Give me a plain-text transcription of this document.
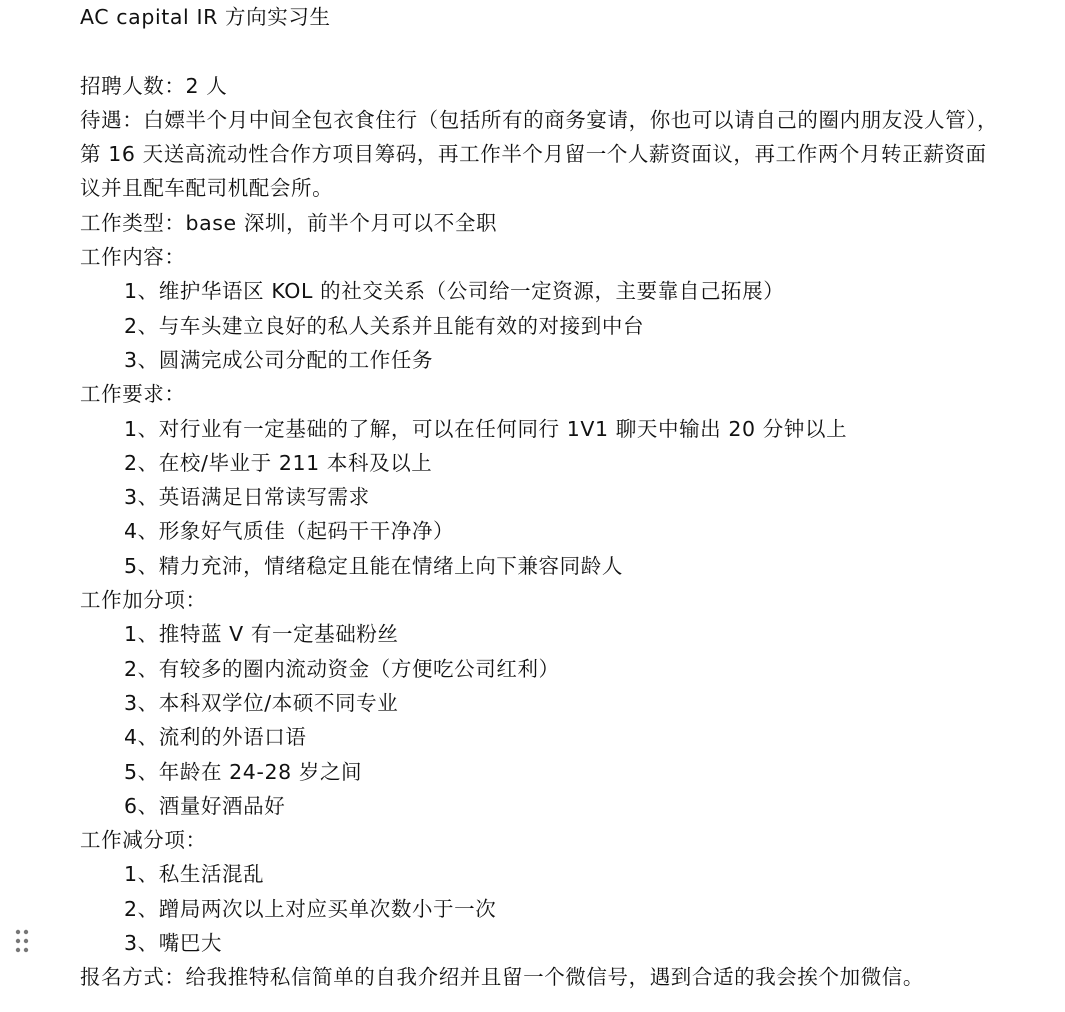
AC capital IR 方向实习生
招聘人数：2 人
待遇：白嫖半个月中间全包衣食住行（包括所有的商务宴请，你也可以请自己的圈内朋友没人管），第 16 天送高流动性合作方项目筹码，再工作半个月留一个人薪资面议，再工作两个月转正薪资面议并且配车配司机配会所。
工作类型：base 深圳，前半个月可以不全职
工作内容：
1、维护华语区 KOL 的社交关系（公司给一定资源，主要靠自己拓展）
2、与车头建立良好的私人关系并且能有效的对接到中台
3、圆满完成公司分配的工作任务
工作要求：
1、对行业有一定基础的了解，可以在任何同行 1V1 聊天中输出 20 分钟以上
2、在校/毕业于 211 本科及以上
3、英语满足日常读写需求
4、形象好气质佳（起码干干净净）
5、精力充沛，情绪稳定且能在情绪上向下兼容同龄人
工作加分项：
1、推特蓝 V 有一定基础粉丝
2、有较多的圈内流动资金（方便吃公司红利）
3、本科双学位/本硕不同专业
4、流利的外语口语
5、年龄在 24-28 岁之间
6、酒量好酒品好
工作减分项：
1、私生活混乱
2、蹭局两次以上对应买单次数小于一次
3、嘴巴大
报名方式：给我推特私信简单的自我介绍并且留一个微信号，遇到合适的我会挨个加微信。
